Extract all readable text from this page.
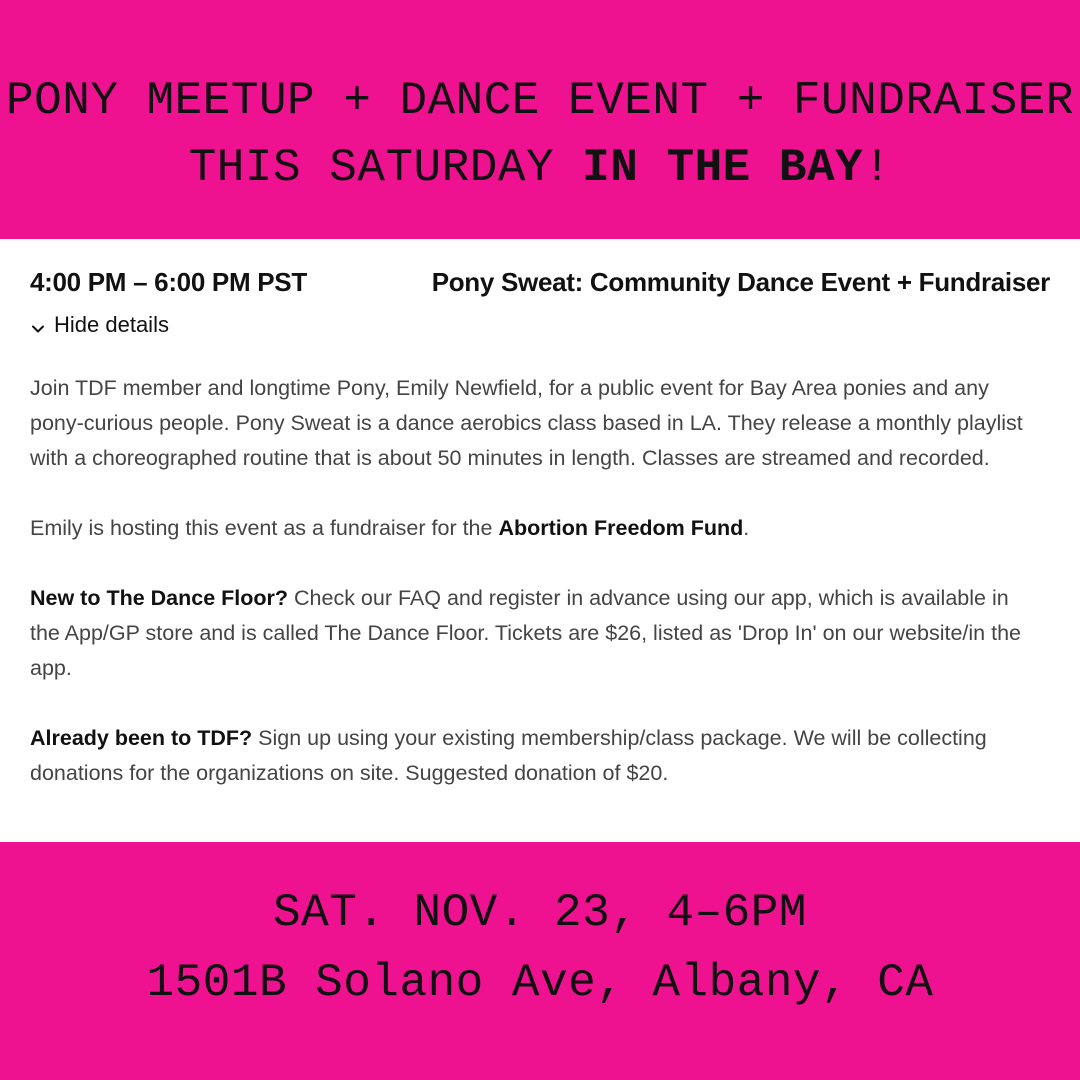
PONY MEETUP + DANCE EVENT + FUNDRAISER
THIS SATURDAY IN THE BAY!
4:00 PM – 6:00 PM PST	Pony Sweat: Community Dance Event + Fundraiser
Hide details

Join TDF member and longtime Pony, Emily Newfield, for a public event for Bay Area ponies and any pony-curious people. Pony Sweat is a dance aerobics class based in LA. They release a monthly playlist with a choreographed routine that is about 50 minutes in length. Classes are streamed and recorded.

Emily is hosting this event as a fundraiser for the Abortion Freedom Fund.

New to The Dance Floor? Check our FAQ and register in advance using our app, which is available in the App/GP store and is called The Dance Floor. Tickets are $26, listed as 'Drop In' on our website/in the app.

Already been to TDF? Sign up using your existing membership/class package. We will be collecting donations for the organizations on site. Suggested donation of $20.

SAT. NOV. 23, 4–6PM
1501B Solano Ave, Albany, CA
